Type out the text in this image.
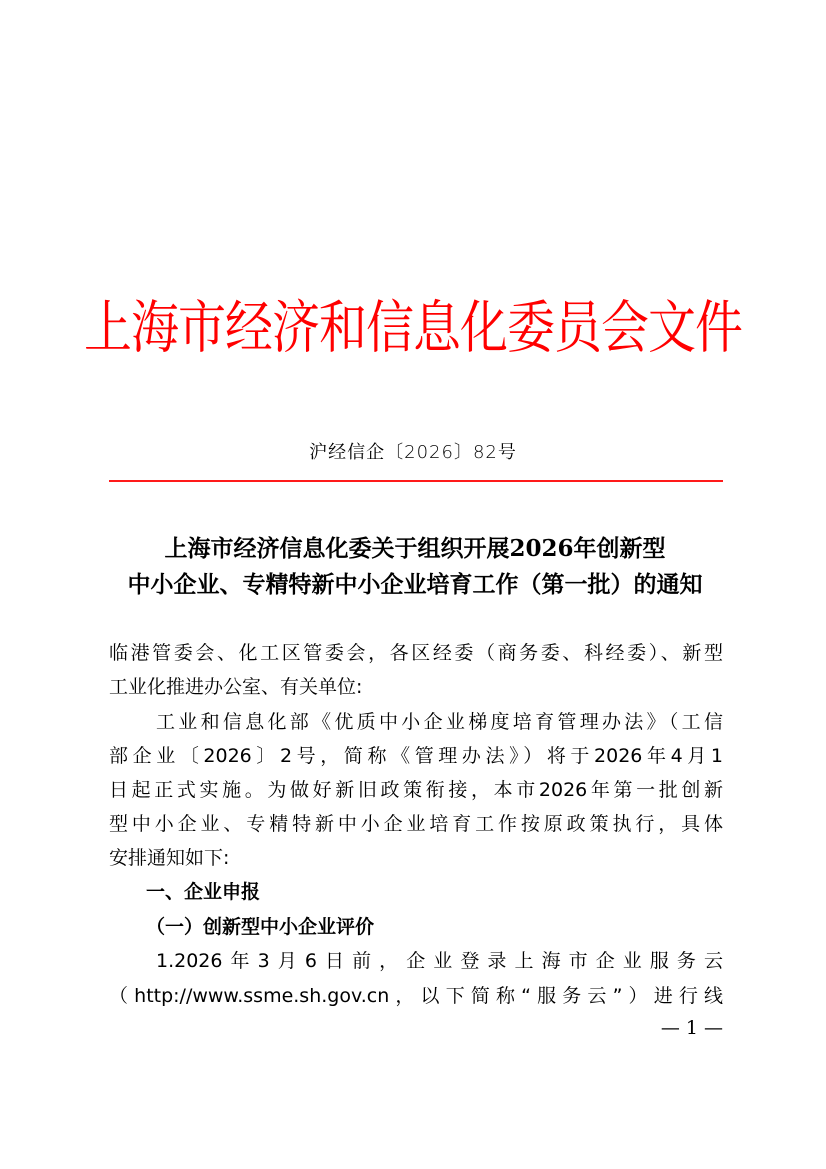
上海市经济和信息化委员会文件
沪经信企〔2026〕82号
上海市经济信息化委关于组织开展2026年创新型
中小企业、专精特新中小企业培育工作（第一批）的通知
临港管委会、化工区管委会，各区经委（商务委、科经委）、新型
工业化推进办公室、有关单位:
工业和信息化部《优质中小企业梯度培育管理办法》（工信
部企业〔2026〕2号，简称《管理办法》）将于2026年4月1
日起正式实施。为做好新旧政策衔接，本市2026年第一批创新
型中小企业、专精特新中小企业培育工作按原政策执行，具体
安排通知如下:
一、企业申报
（一）创新型中小企业评价
1.2026年3月6日前，企业登录上海市企业服务云
（http://www.ssme.sh.gov.cn，以下简称“服务云”）进行线
— 1 —
